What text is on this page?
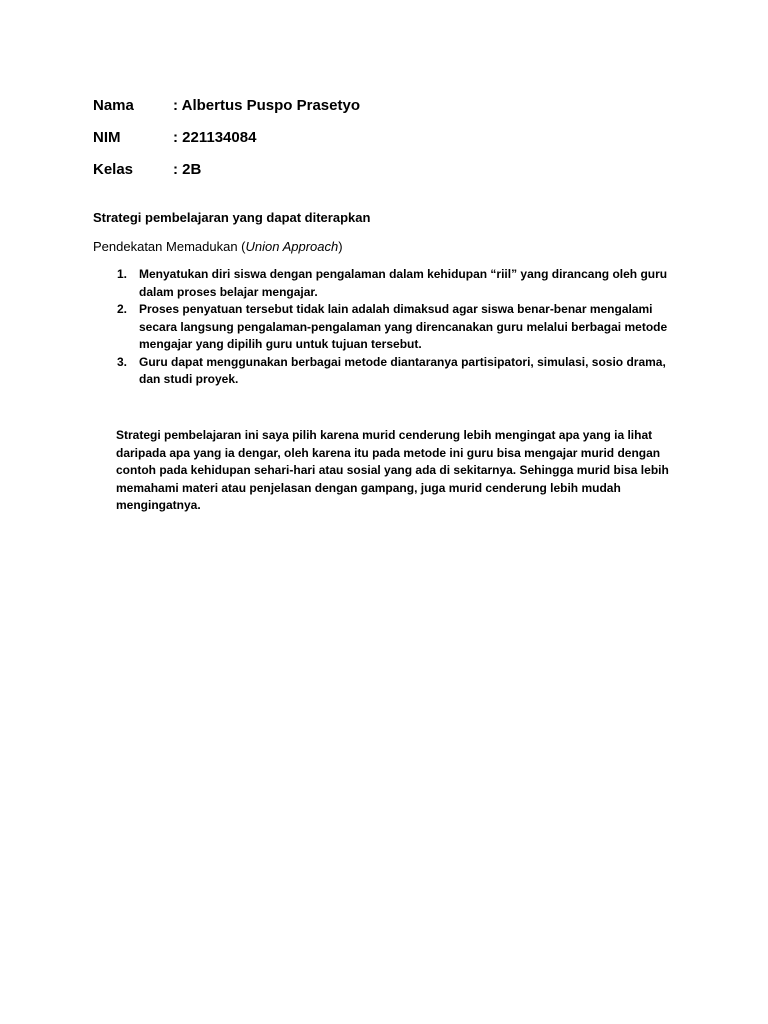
Nama	: Albertus Puspo Prasetyo
NIM	: 221134084
Kelas	: 2B

Strategi pembelajaran yang dapat diterapkan

Pendekatan Memadukan (Union Approach)

1. Menyatukan diri siswa dengan pengalaman dalam kehidupan “riil” yang dirancang oleh guru dalam proses belajar mengajar.
2. Proses penyatuan tersebut tidak lain adalah dimaksud agar siswa benar-benar mengalami secara langsung pengalaman-pengalaman yang direncanakan guru melalui berbagai metode mengajar yang dipilih guru untuk tujuan tersebut.
3. Guru dapat menggunakan berbagai metode diantaranya partisipatori, simulasi, sosio drama, dan studi proyek.

Strategi pembelajaran ini saya pilih karena murid cenderung lebih mengingat apa yang ia lihat daripada apa yang ia dengar, oleh karena itu pada metode ini guru bisa mengajar murid dengan contoh pada kehidupan sehari-hari atau sosial yang ada di sekitarnya. Sehingga murid bisa lebih memahami materi atau penjelasan dengan gampang, juga murid cenderung lebih mudah mengingatnya.
